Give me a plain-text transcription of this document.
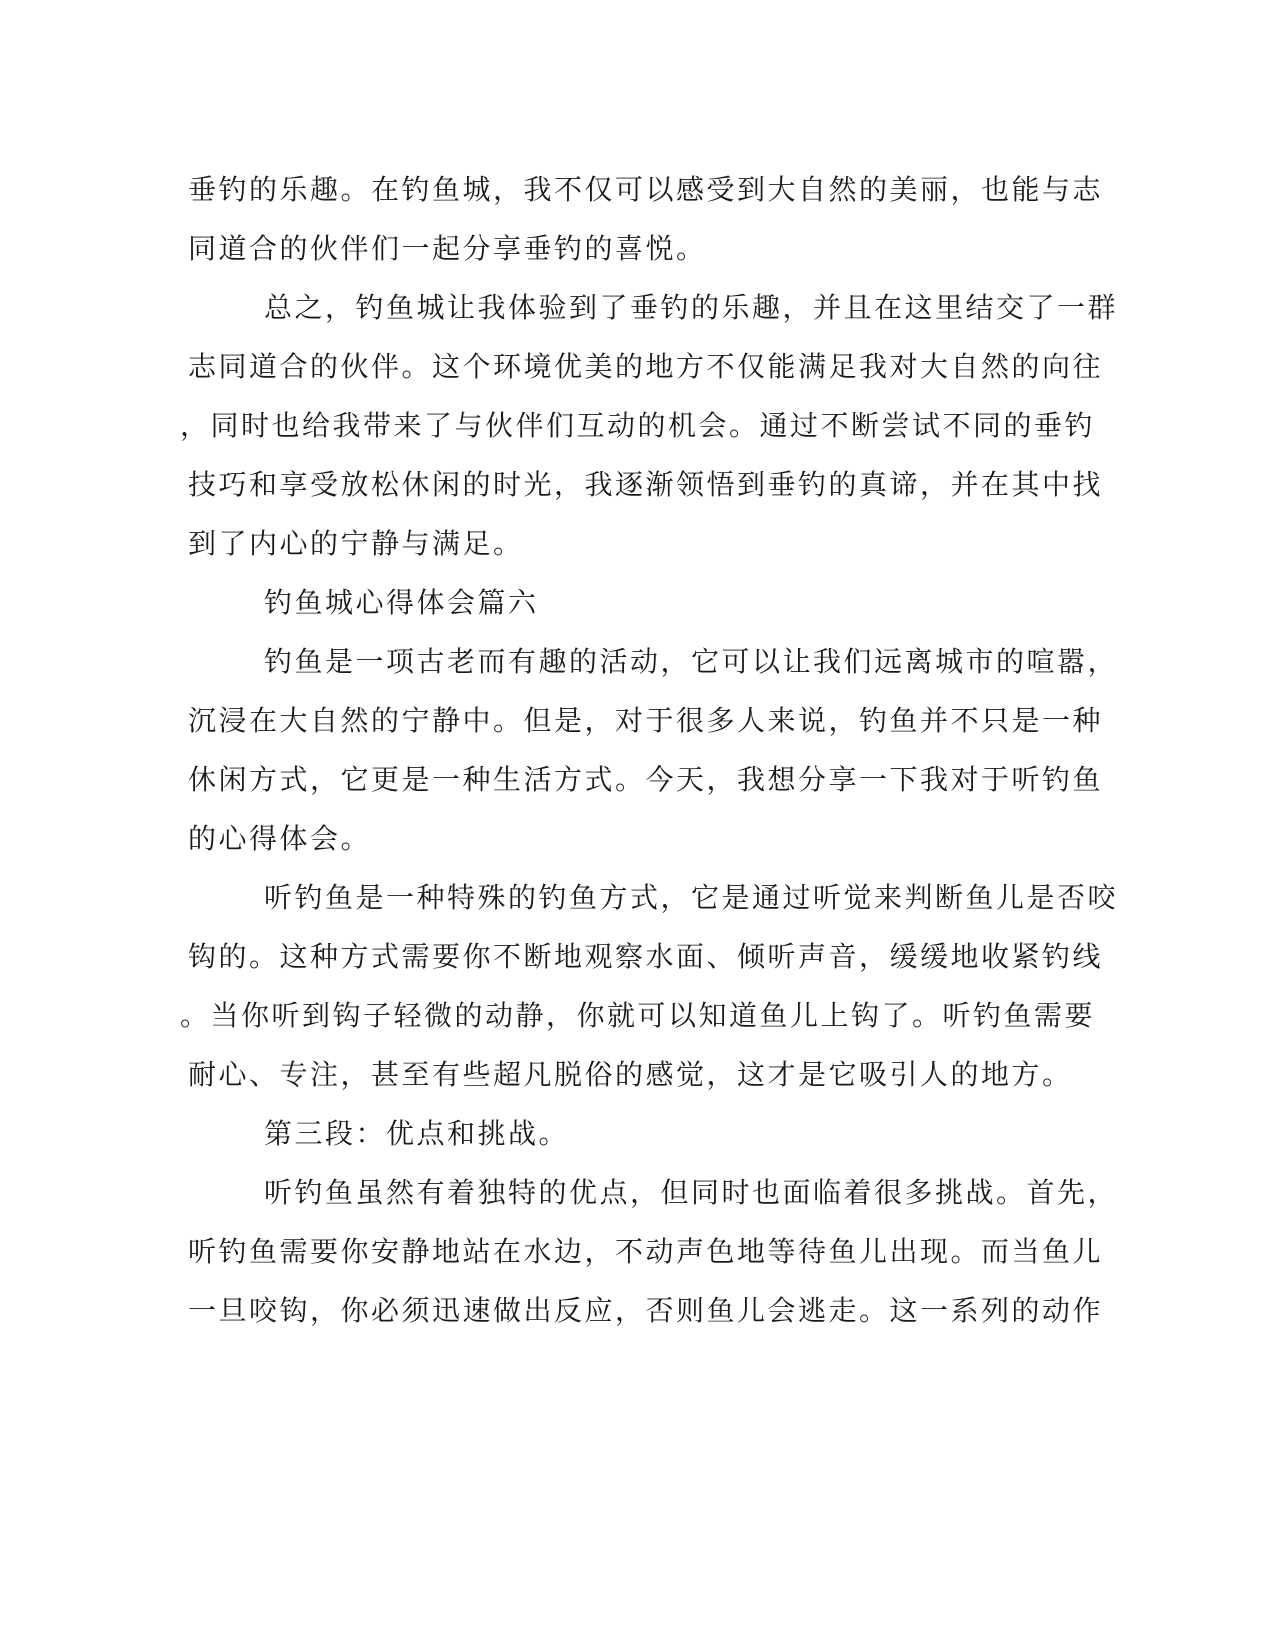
垂钓的乐趣。在钓鱼城，我不仅可以感受到大自然的美丽，也能与志
同道合的伙伴们一起分享垂钓的喜悦。
总之，钓鱼城让我体验到了垂钓的乐趣，并且在这里结交了一群
志同道合的伙伴。这个环境优美的地方不仅能满足我对大自然的向往
，同时也给我带来了与伙伴们互动的机会。通过不断尝试不同的垂钓
技巧和享受放松休闲的时光，我逐渐领悟到垂钓的真谛，并在其中找
到了内心的宁静与满足。
钓鱼城心得体会篇六
钓鱼是一项古老而有趣的活动，它可以让我们远离城市的喧嚣，
沉浸在大自然的宁静中。但是，对于很多人来说，钓鱼并不只是一种
休闲方式，它更是一种生活方式。今天，我想分享一下我对于听钓鱼
的心得体会。
听钓鱼是一种特殊的钓鱼方式，它是通过听觉来判断鱼儿是否咬
钩的。这种方式需要你不断地观察水面、倾听声音，缓缓地收紧钓线
。当你听到钩子轻微的动静，你就可以知道鱼儿上钩了。听钓鱼需要
耐心、专注，甚至有些超凡脱俗的感觉，这才是它吸引人的地方。
第三段：优点和挑战。
听钓鱼虽然有着独特的优点，但同时也面临着很多挑战。首先，
听钓鱼需要你安静地站在水边，不动声色地等待鱼儿出现。而当鱼儿
一旦咬钩，你必须迅速做出反应，否则鱼儿会逃走。这一系列的动作
